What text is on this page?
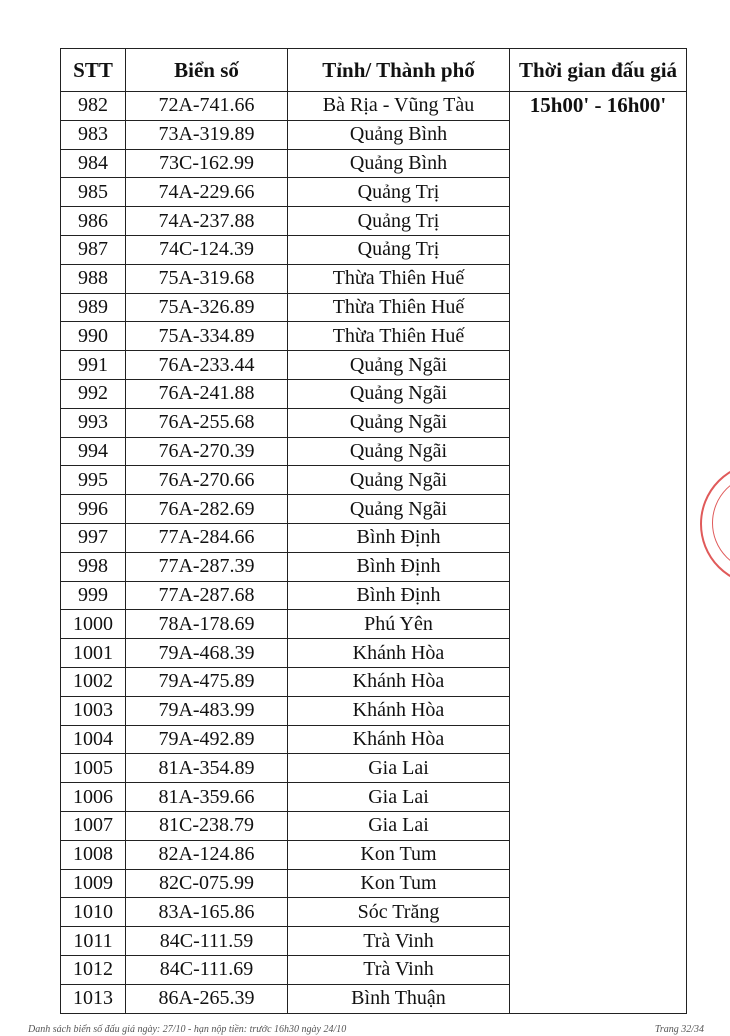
STT	Biển số	Tỉnh/ Thành phố	Thời gian đấu giá
982	72A-741.66	Bà Rịa - Vũng Tàu	15h00' - 16h00'
983	73A-319.89	Quảng Bình	
984	73C-162.99	Quảng Bình	
985	74A-229.66	Quảng Trị	
986	74A-237.88	Quảng Trị	
987	74C-124.39	Quảng Trị	
988	75A-319.68	Thừa Thiên Huế	
989	75A-326.89	Thừa Thiên Huế	
990	75A-334.89	Thừa Thiên Huế	
991	76A-233.44	Quảng Ngãi	
992	76A-241.88	Quảng Ngãi	
993	76A-255.68	Quảng Ngãi	
994	76A-270.39	Quảng Ngãi	
995	76A-270.66	Quảng Ngãi	
996	76A-282.69	Quảng Ngãi	
997	77A-284.66	Bình Định	
998	77A-287.39	Bình Định	
999	77A-287.68	Bình Định	
1000	78A-178.69	Phú Yên	
1001	79A-468.39	Khánh Hòa	
1002	79A-475.89	Khánh Hòa	
1003	79A-483.99	Khánh Hòa	
1004	79A-492.89	Khánh Hòa	
1005	81A-354.89	Gia Lai	
1006	81A-359.66	Gia Lai	
1007	81C-238.79	Gia Lai	
1008	82A-124.86	Kon Tum	
1009	82C-075.99	Kon Tum	
1010	83A-165.86	Sóc Trăng	
1011	84C-111.59	Trà Vinh	
1012	84C-111.69	Trà Vinh	
1013	86A-265.39	Bình Thuận	
Danh sách biển số đấu giá ngày: 27/10 - hạn nộp tiền: trước 16h30 ngày 24/10	Trang 32/34
